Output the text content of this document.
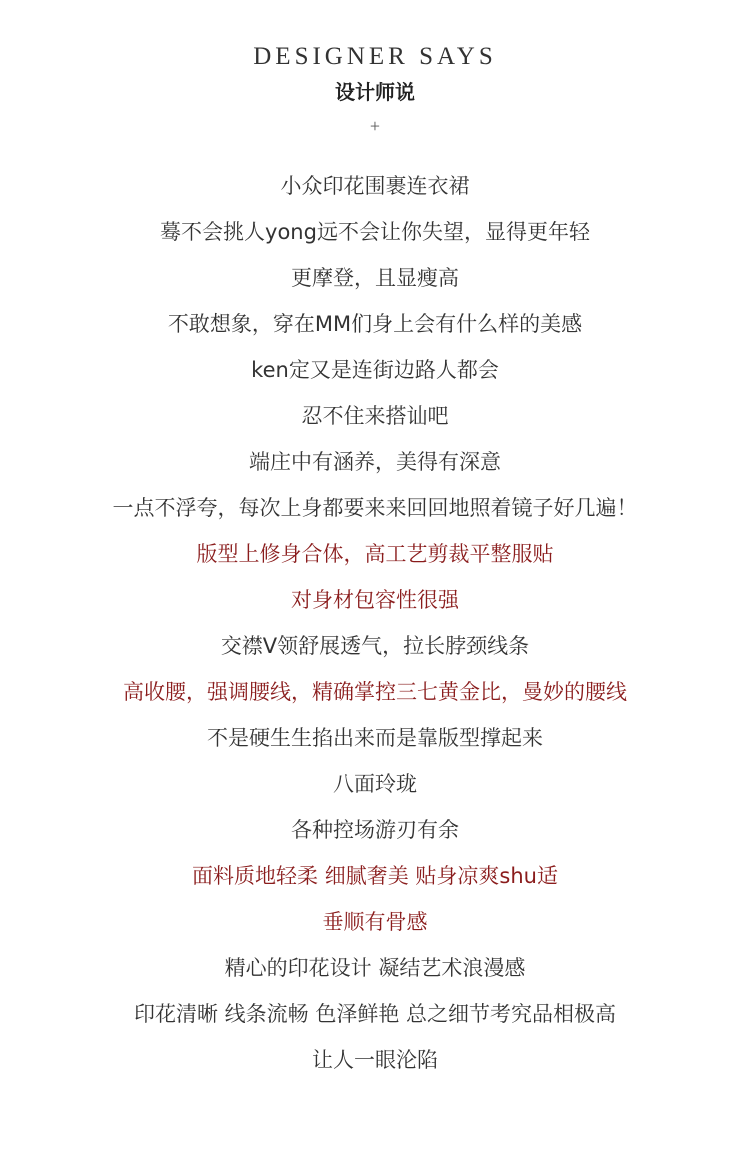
DESIGNER SAYS
设计师说
+
小众印花围裹连衣裙
蓦不会挑人yong远不会让你失望，显得更年轻
更摩登，且显瘦高
不敢想象，穿在MM们身上会有什么样的美感
ken定又是连街边路人都会
忍不住来搭讪吧
端庄中有涵养，美得有深意
一点不浮夸，每次上身都要来来回回地照着镜子好几遍！
版型上修身合体，高工艺剪裁平整服贴
对身材包容性很强
交襟V领舒展透气，拉长脖颈线条
高收腰，强调腰线，精确掌控三七黄金比，曼妙的腰线
不是硬生生掐出来而是靠版型撑起来
八面玲珑
各种控场游刃有余
面料质地轻柔 细腻奢美 贴身凉爽shu适
垂顺有骨感
精心的印花设计 凝结艺术浪漫感
印花清晰 线条流畅 色泽鲜艳 总之细节考究品相极高
让人一眼沦陷
